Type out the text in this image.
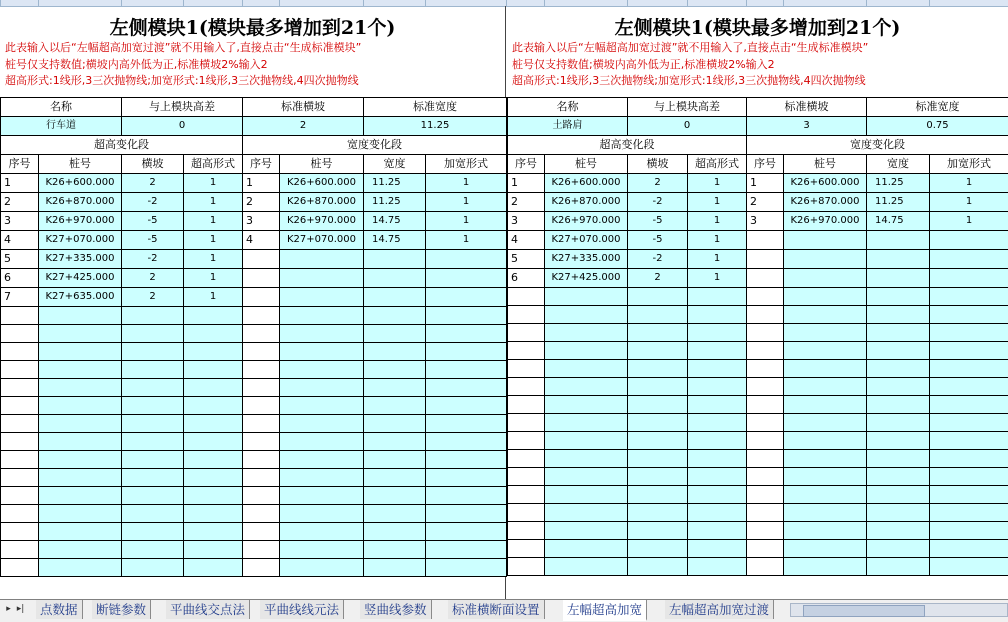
左侧模块1(模块最多增加到21个)
此表输入以后“左幅超高加宽过渡”就不用输入了,直接点击“生成标准模块”
桩号仅支持数值;横坡内高外低为正,标准横坡2%输入2
超高形式:1线形,3三次抛物线;加宽形式:1线形,3三次抛物线,4四次抛物线
名称		与上模块高差		标准横坡		标准宽度	
行车道		0		2		11.25	
超高变化段				宽度变化段			
序号	桩号	横坡	超高形式	序号	桩号	宽度	加宽形式
1	K26+600.000	2	1	1	K26+600.000	11.25	1
2	K26+870.000	-2	1	2	K26+870.000	11.25	1
3	K26+970.000	-5	1	3	K26+970.000	14.75	1
4	K27+070.000	-5	1	4	K27+070.000	14.75	1
5	K27+335.000	-2	1				
6	K27+425.000	2	1				
7	K27+635.000	2	1				

左侧模块1(模块最多增加到21个)
此表输入以后“左幅超高加宽过渡”就不用输入了,直接点击“生成标准模块”
桩号仅支持数值;横坡内高外低为正,标准横坡2%输入2
超高形式:1线形,3三次抛物线;加宽形式:1线形,3三次抛物线,4四次抛物线
名称		与上模块高差		标准横坡		标准宽度	
土路肩		0		3		0.75	
超高变化段				宽度变化段			
序号	桩号	横坡	超高形式	序号	桩号	宽度	加宽形式
1	K26+600.000	2	1	1	K26+600.000	11.25	1
2	K26+870.000	-2	1	2	K26+870.000	11.25	1
3	K26+970.000	-5	1	3	K26+970.000	14.75	1
4	K27+070.000	-5	1				
5	K27+335.000	-2	1				
6	K27+425.000	2	1				

▸ ▸|	点数据	断链参数	平曲线交点法	平曲线线元法	竖曲线参数	标准横断面设置	左幅超高加宽	左幅超高加宽过渡
